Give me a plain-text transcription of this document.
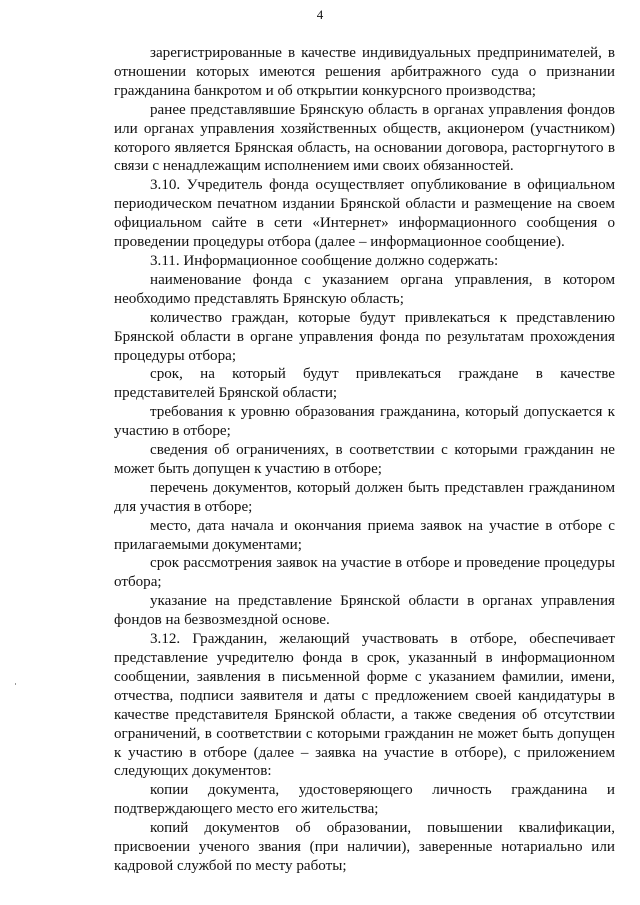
4

зарегистрированные в качестве индивидуальных предпринимателей, в отношении которых имеются решения арбитражного суда о признании гражданина банкротом и об открытии конкурсного производства;

ранее представлявшие Брянскую область в органах управления фондов или органах управления хозяйственных обществ, акционером (участником) которого является Брянская область, на основании договора, расторгнутого в связи с ненадлежащим исполнением ими своих обязанностей.

3.10. Учредитель фонда осуществляет опубликование в официальном периодическом печатном издании Брянской области и размещение на своем официальном сайте в сети «Интернет» информационного сообщения о проведении процедуры отбора (далее – информационное сообщение).

3.11. Информационное сообщение должно содержать:

наименование фонда с указанием органа управления, в котором необходимо представлять Брянскую область;

количество граждан, которые будут привлекаться к представлению Брянской области в органе управления фонда по результатам прохождения процедуры отбора;

срок, на который будут привлекаться граждане в качестве представителей Брянской области;

требования к уровню образования гражданина, который допускается к участию в отборе;

сведения об ограничениях, в соответствии с которыми гражданин не может быть допущен к участию в отборе;

перечень документов, который должен быть представлен гражданином для участия в отборе;

место, дата начала и окончания приема заявок на участие в отборе с прилагаемыми документами;

срок рассмотрения заявок на участие в отборе и проведение процедуры отбора;

указание на представление Брянской области в органах управления фондов на безвозмездной основе.

3.12. Гражданин, желающий участвовать в отборе, обеспечивает представление учредителю фонда в срок, указанный в информационном сообщении, заявления в письменной форме с указанием фамилии, имени, отчества, подписи заявителя и даты с предложением своей кандидатуры в качестве представителя Брянской области, а также сведения об отсутствии ограничений, в соответствии с которыми гражданин не может быть допущен к участию в отборе (далее – заявка на участие в отборе), с приложением следующих документов:

копии документа, удостоверяющего личность гражданина и подтверждающего место его жительства;

копий документов об образовании, повышении квалификации, присвоении ученого звания (при наличии), заверенные нотариально или кадровой службой по месту работы;
